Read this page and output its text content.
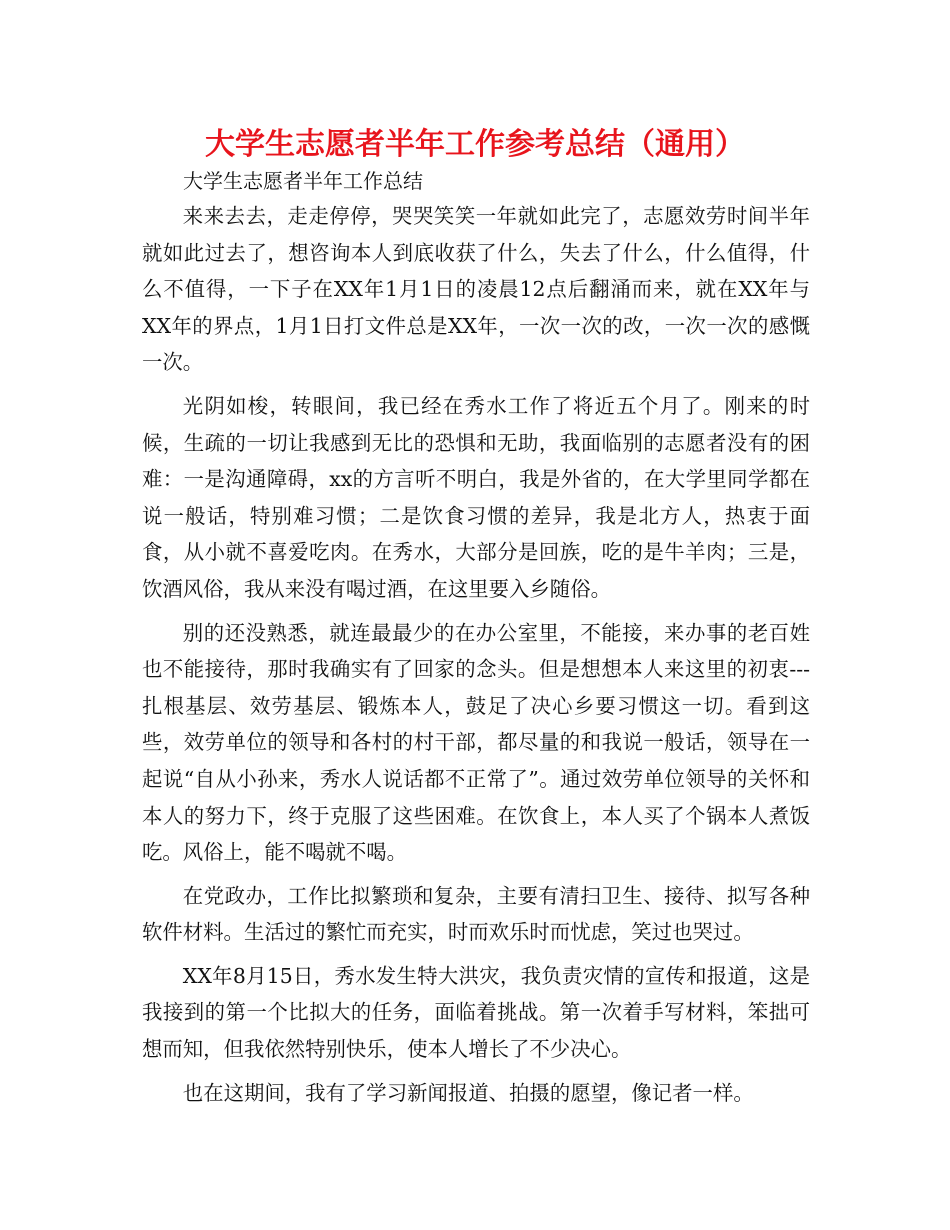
大学生志愿者半年工作参考总结（通用）

大学生志愿者半年工作总结

来来去去，走走停停，哭哭笑笑一年就如此完了，志愿效劳时间半年就如此过去了，想咨询本人到底收获了什么，失去了什么，什么值得，什么不值得，一下子在XX年1月1日的凌晨12点后翻涌而来，就在XX年与XX年的界点，1月1日打文件总是XX年，一次一次的改，一次一次的感慨一次。

光阴如梭，转眼间，我已经在秀水工作了将近五个月了。刚来的时候，生疏的一切让我感到无比的恐惧和无助，我面临别的志愿者没有的困难：一是沟通障碍，xx的方言听不明白，我是外省的，在大学里同学都在说一般话，特别难习惯；二是饮食习惯的差异，我是北方人，热衷于面食，从小就不喜爱吃肉。在秀水，大部分是回族，吃的是牛羊肉；三是，饮酒风俗，我从来没有喝过酒，在这里要入乡随俗。

别的还没熟悉，就连最最少的在办公室里，不能接，来办事的老百姓也不能接待，那时我确实有了回家的念头。但是想想本人来这里的初衷---扎根基层、效劳基层、锻炼本人，鼓足了决心乡要习惯这一切。看到这些，效劳单位的领导和各村的村干部，都尽量的和我说一般话，领导在一起说“自从小孙来，秀水人说话都不正常了”。通过效劳单位领导的关怀和本人的努力下，终于克服了这些困难。在饮食上，本人买了个锅本人煮饭吃。风俗上，能不喝就不喝。

在党政办，工作比拟繁琐和复杂，主要有清扫卫生、接待、拟写各种软件材料。生活过的繁忙而充实，时而欢乐时而忧虑，笑过也哭过。

XX年8月15日，秀水发生特大洪灾，我负责灾情的宣传和报道，这是我接到的第一个比拟大的任务，面临着挑战。第一次着手写材料，笨拙可想而知，但我依然特别快乐，使本人增长了不少决心。

也在这期间，我有了学习新闻报道、拍摄的愿望，像记者一样。
